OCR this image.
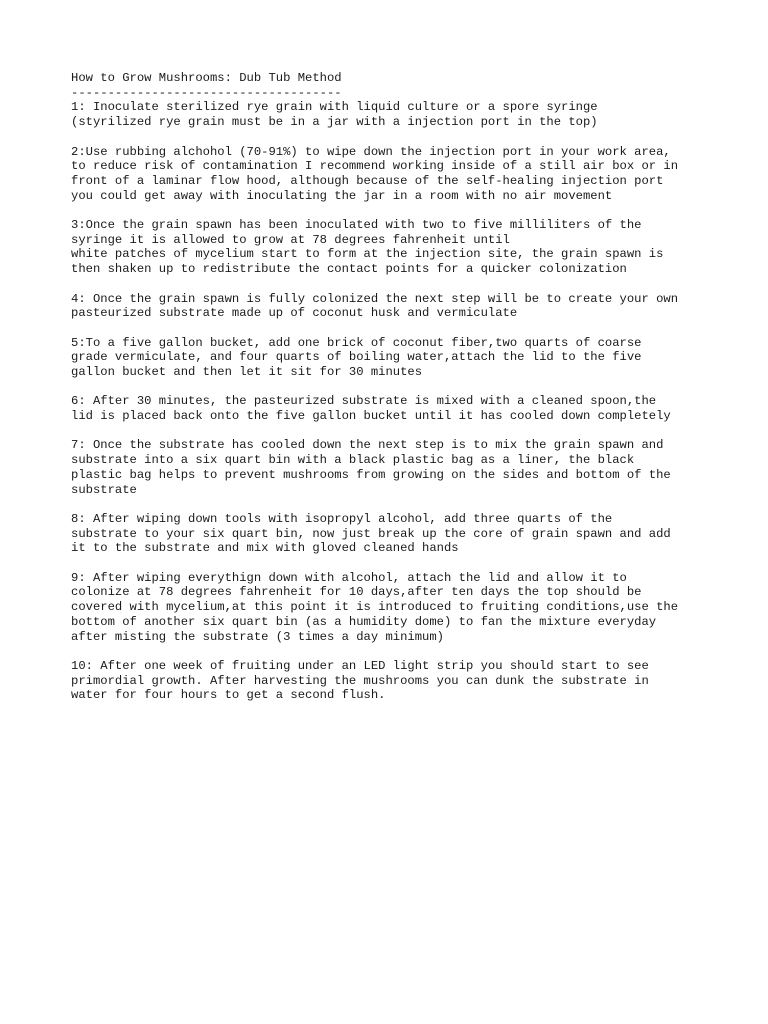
How to Grow Mushrooms: Dub Tub Method
-------------------------------------
1: Inoculate sterilized rye grain with liquid culture or a spore syringe
(styrilized rye grain must be in a jar with a injection port in the top)
2:Use rubbing alchohol (70-91%) to wipe down the injection port in your work area,
to reduce risk of contamination I recommend working inside of a still air box or in
front of a laminar flow hood, although because of the self-healing injection port
you could get away with inoculating the jar in a room with no air movement
3:Once the grain spawn has been inoculated with two to five milliliters of the
syringe it is allowed to grow at 78 degrees fahrenheit until
white patches of mycelium start to form at the injection site, the grain spawn is
then shaken up to redistribute the contact points for a quicker colonization
4: Once the grain spawn is fully colonized the next step will be to create your own
pasteurized substrate made up of coconut husk and vermiculate
5:To a five gallon bucket, add one brick of coconut fiber,two quarts of coarse
grade vermiculate, and four quarts of boiling water,attach the lid to the five
gallon bucket and then let it sit for 30 minutes
6: After 30 minutes, the pasteurized substrate is mixed with a cleaned spoon,the
lid is placed back onto the five gallon bucket until it has cooled down completely
7: Once the substrate has cooled down the next step is to mix the grain spawn and
substrate into a six quart bin with a black plastic bag as a liner, the black
plastic bag helps to prevent mushrooms from growing on the sides and bottom of the
substrate
8: After wiping down tools with isopropyl alcohol, add three quarts of the
substrate to your six quart bin, now just break up the core of grain spawn and add
it to the substrate and mix with gloved cleaned hands
9: After wiping everythign down with alcohol, attach the lid and allow it to
colonize at 78 degrees fahrenheit for 10 days,after ten days the top should be
covered with mycelium,at this point it is introduced to fruiting conditions,use the
bottom of another six quart bin (as a humidity dome) to fan the mixture everyday
after misting the substrate (3 times a day minimum)
10: After one week of fruiting under an LED light strip you should start to see
primordial growth. After harvesting the mushrooms you can dunk the substrate in
water for four hours to get a second flush.
